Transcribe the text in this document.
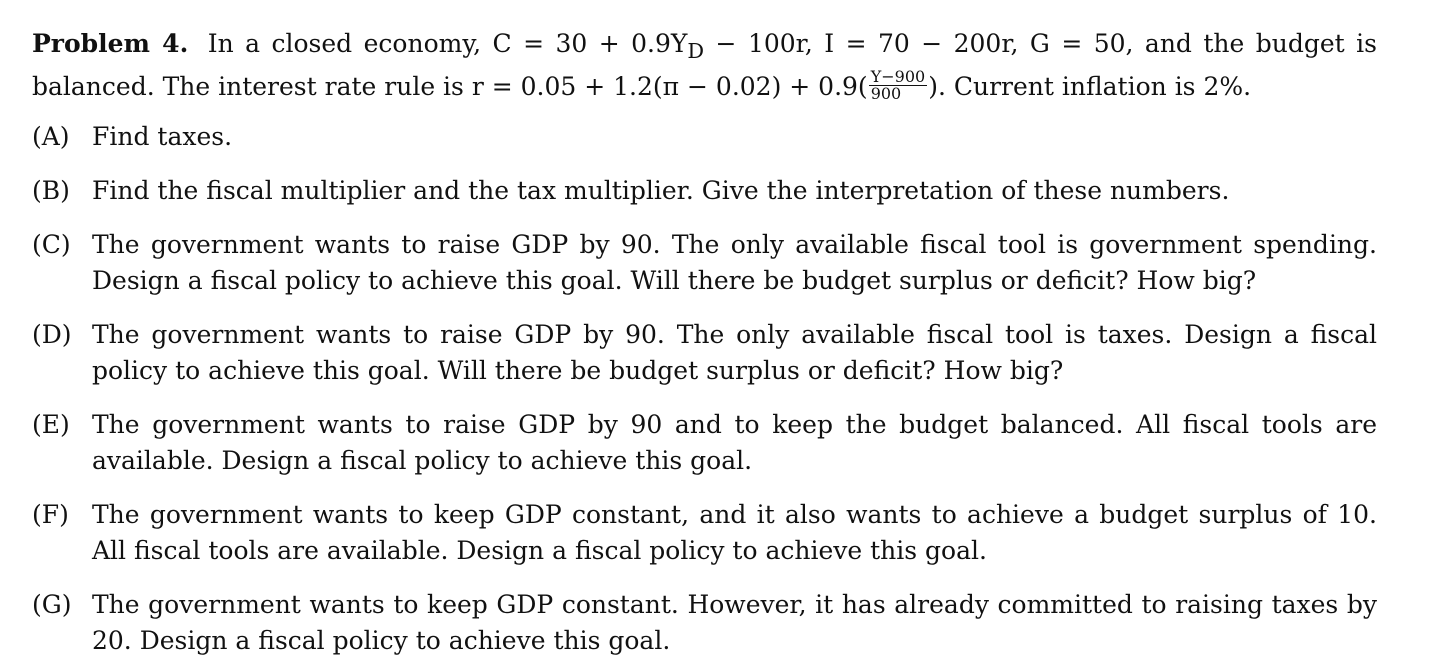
Problem 4. In a closed economy, $C = 30 + 0.9Y_D - 100r$, I = 70 − 200r, G = 50, and the budget is balanced. The interest rate rule is $r = 0.05 + 1.2(\pi - 0.02) + 0.9( \frac{Y-900}{900}$ ). Current inflation is 2%.

(A) Find taxes.
(B) Find the fiscal multiplier and the tax multiplier. Give the interpretation of these numbers.
(C) The government wants to raise GDP by 90. The only available fiscal tool is government spending. Design a fiscal policy to achieve this goal. Will there be budget surplus or deficit? How big?
(D) The government wants to raise GDP by 90. The only available fiscal tool is taxes. Design a fiscal policy to achieve this goal. Will there be budget surplus or deficit? How big?
(E) The government wants to raise GDP by 90 and to keep the budget balanced. All fiscal tools are available. Design a fiscal policy to achieve this goal.
(F) The government wants to keep GDP constant, and it also wants to achieve a budget surplus of 10. All fiscal tools are available. Design a fiscal policy to achieve this goal.
(G) The government wants to keep GDP constant. However, it has already committed to raising taxes by 20. Design a fiscal policy to achieve this goal.
